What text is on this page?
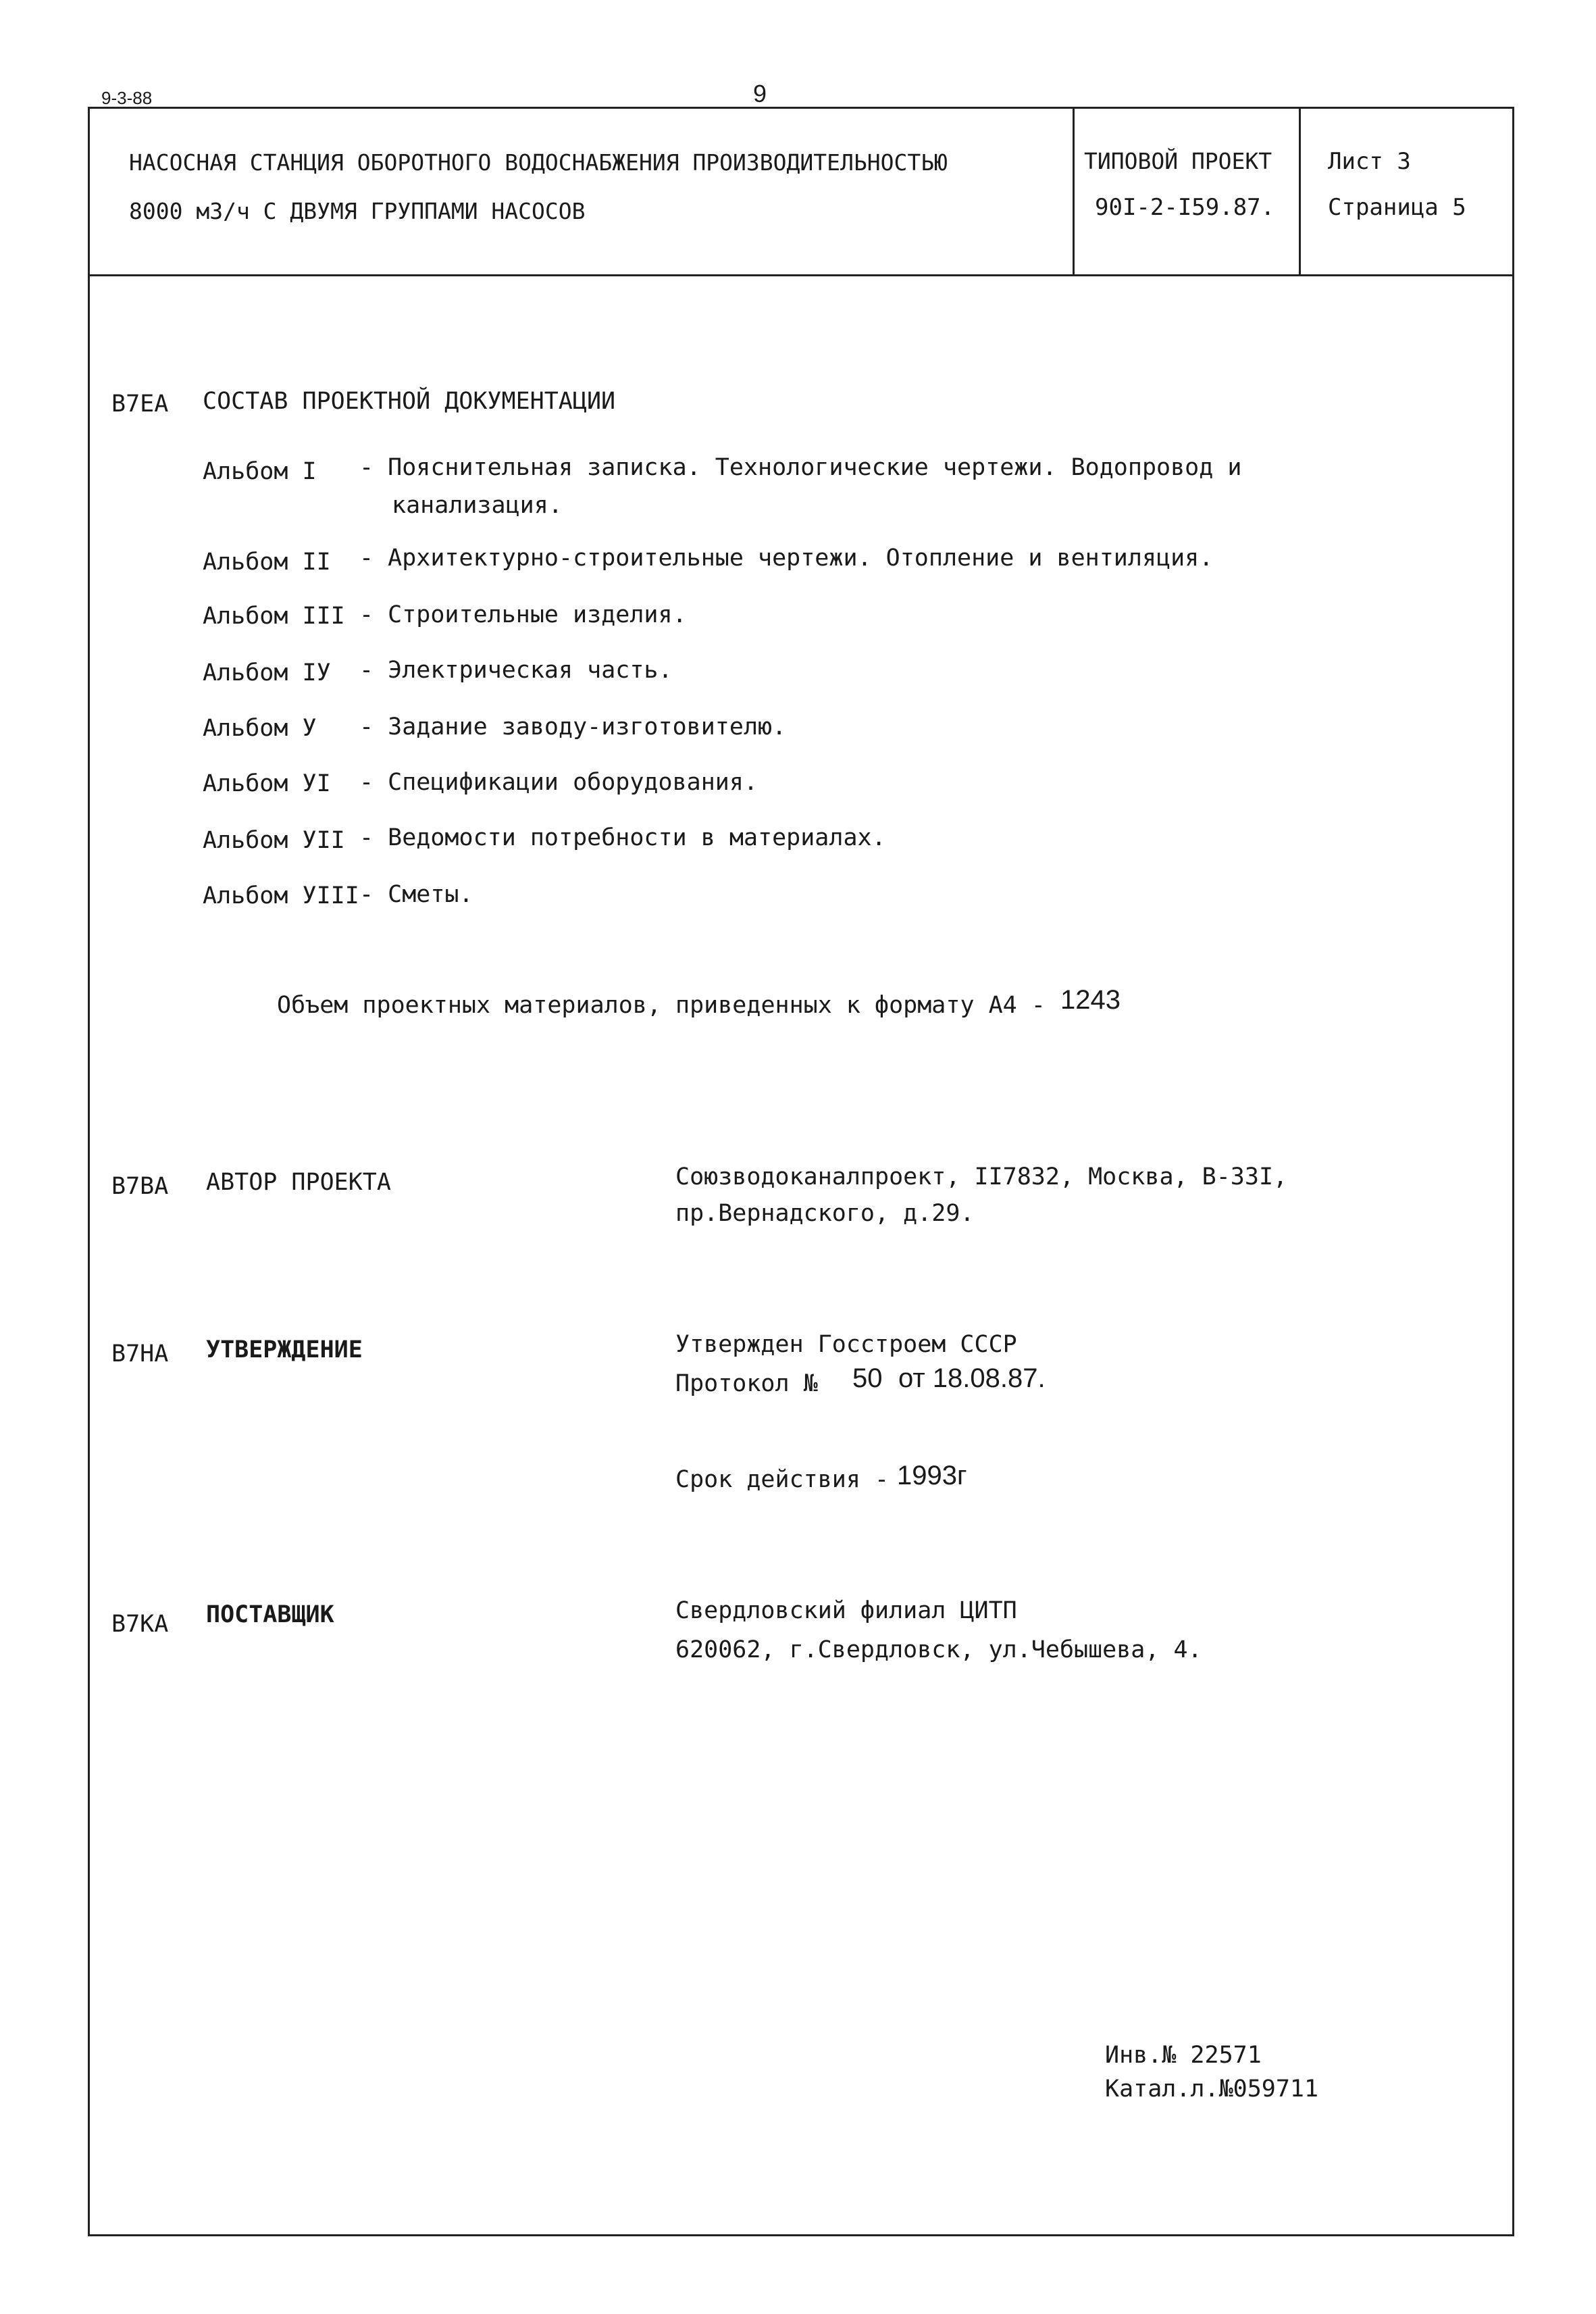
9-3-88	9
НАСОСНАЯ СТАНЦИЯ ОБОРОТНОГО ВОДОСНАБЖЕНИЯ ПРОИЗВОДИТЕЛЬНОСТЬЮ
8000 м3/ч С ДВУМЯ ГРУППАМИ НАСОСОВ
ТИПОВОЙ ПРОЕКТ
90I-2-I59.87.
Лист 3
Страница 5
В7ЕА СОСТАВ ПРОЕКТНОЙ ДОКУМЕНТАЦИИ
Альбом I - Пояснительная записка. Технологические чертежи. Водопровод и
канализация.
Альбом II - Архитектурно-строительные чертежи. Отопление и вентиляция.
Альбом III - Строительные изделия.
Альбом IУ - Электрическая часть.
Альбом У - Задание заводу-изготовителю.
Альбом УI - Спецификации оборудования.
Альбом УII - Ведомости потребности в материалах.
Альбом УIII - Сметы.
Объем проектных материалов, приведенных к формату А4 - 1243
В7ВА АВТОР ПРОЕКТА	Союзводоканалпроект, II7832, Москва, В-33I,
пр.Вернадского, д.29.
В7НА УТВЕРЖДЕНИЕ	Утвержден Госстроем СССР
Протокол № 50 от 18.08.87.
Срок действия - 1993г
В7КА ПОСТАВЩИК	Свердловский филиал ЦИТП
620062, г.Свердловск, ул.Чебышева, 4.
Инв.№ 22571
Катал.л.№059711
